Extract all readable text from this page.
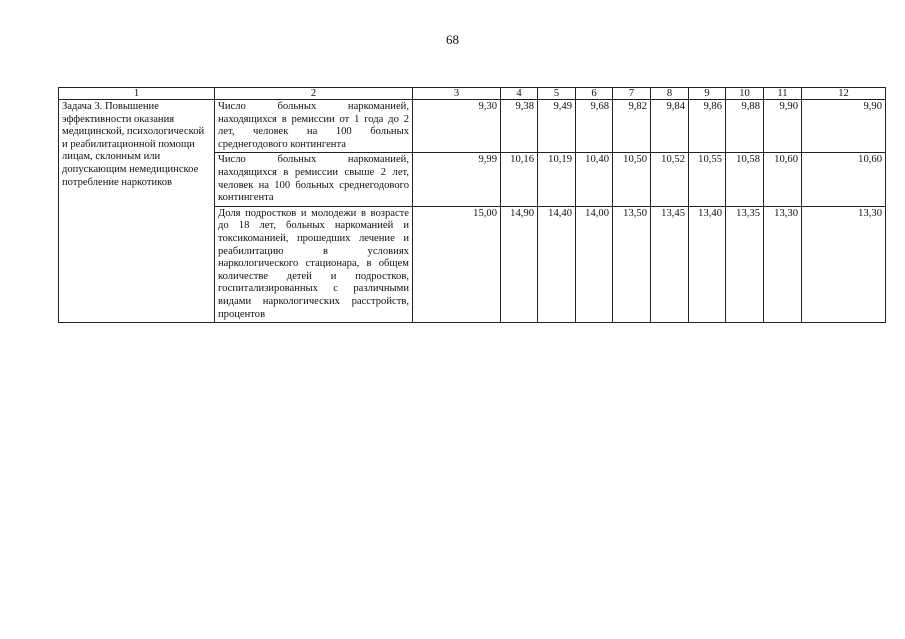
68
1	2	3	4	5	6	7	8	9	10	11	12
Задача 3. Повышение эффективности оказания медицинской, психологической и реабилитационной помощи лицам, склонным или допускающим немедицинское потребление наркотиков	Число больных наркоманией, находящихся в ремиссии от 1 года до 2 лет, человек на 100 больных среднегодового контингента	9,30	9,38	9,49	9,68	9,82	9,84	9,86	9,88	9,90	9,90
	Число больных наркоманией, находящихся в ремиссии свыше 2 лет, человек на 100 больных среднегодового контингента	9,99	10,16	10,19	10,40	10,50	10,52	10,55	10,58	10,60	10,60
	Доля подростков и молодежи в возрасте до 18 лет, больных наркоманией и токсикоманией, прошедших лечение и реабилитацию в условиях наркологического стационара, в общем количестве детей и подростков, госпитализированных с различными видами наркологических расстройств, процентов	15,00	14,90	14,40	14,00	13,50	13,45	13,40	13,35	13,30	13,30
